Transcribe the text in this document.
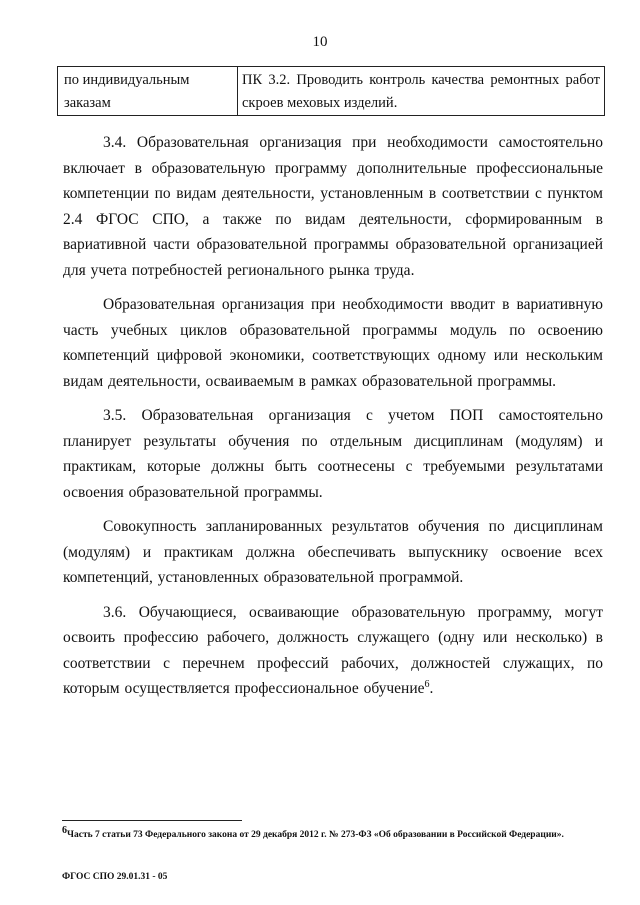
10
по индивидуальным заказам
ПК 3.2. Проводить контроль качества ремонтных работ скроев меховых изделий.

3.4. Образовательная организация при необходимости самостоятельно включает в образовательную программу дополнительные профессиональные компетенции по видам деятельности, установленным в соответствии с пунктом 2.4 ФГОС СПО, а также по видам деятельности, сформированным в вариативной части образовательной программы образовательной организацией для учета потребностей регионального рынка труда.

Образовательная организация при необходимости вводит в вариативную часть учебных циклов образовательной программы модуль по освоению компетенций цифровой экономики, соответствующих одному или нескольким видам деятельности, осваиваемым в рамках образовательной программы.

3.5. Образовательная организация с учетом ПОП самостоятельно планирует результаты обучения по отдельным дисциплинам (модулям) и практикам, которые должны быть соотнесены с требуемыми результатами освоения образовательной программы.

Совокупность запланированных результатов обучения по дисциплинам (модулям) и практикам должна обеспечивать выпускнику освоение всех компетенций, установленных образовательной программой.

3.6. Обучающиеся, осваивающие образовательную программу, могут освоить профессию рабочего, должность служащего (одну или несколько) в соответствии с перечнем профессий рабочих, должностей служащих, по которым осуществляется профессиональное обучение$^6$.

$^6$Часть 7 статьи 73 Федерального закона от 29 декабря 2012 г. № 273-ФЗ «Об образовании в Российской Федерации».
ФГОС СПО 29.01.31 - 05
